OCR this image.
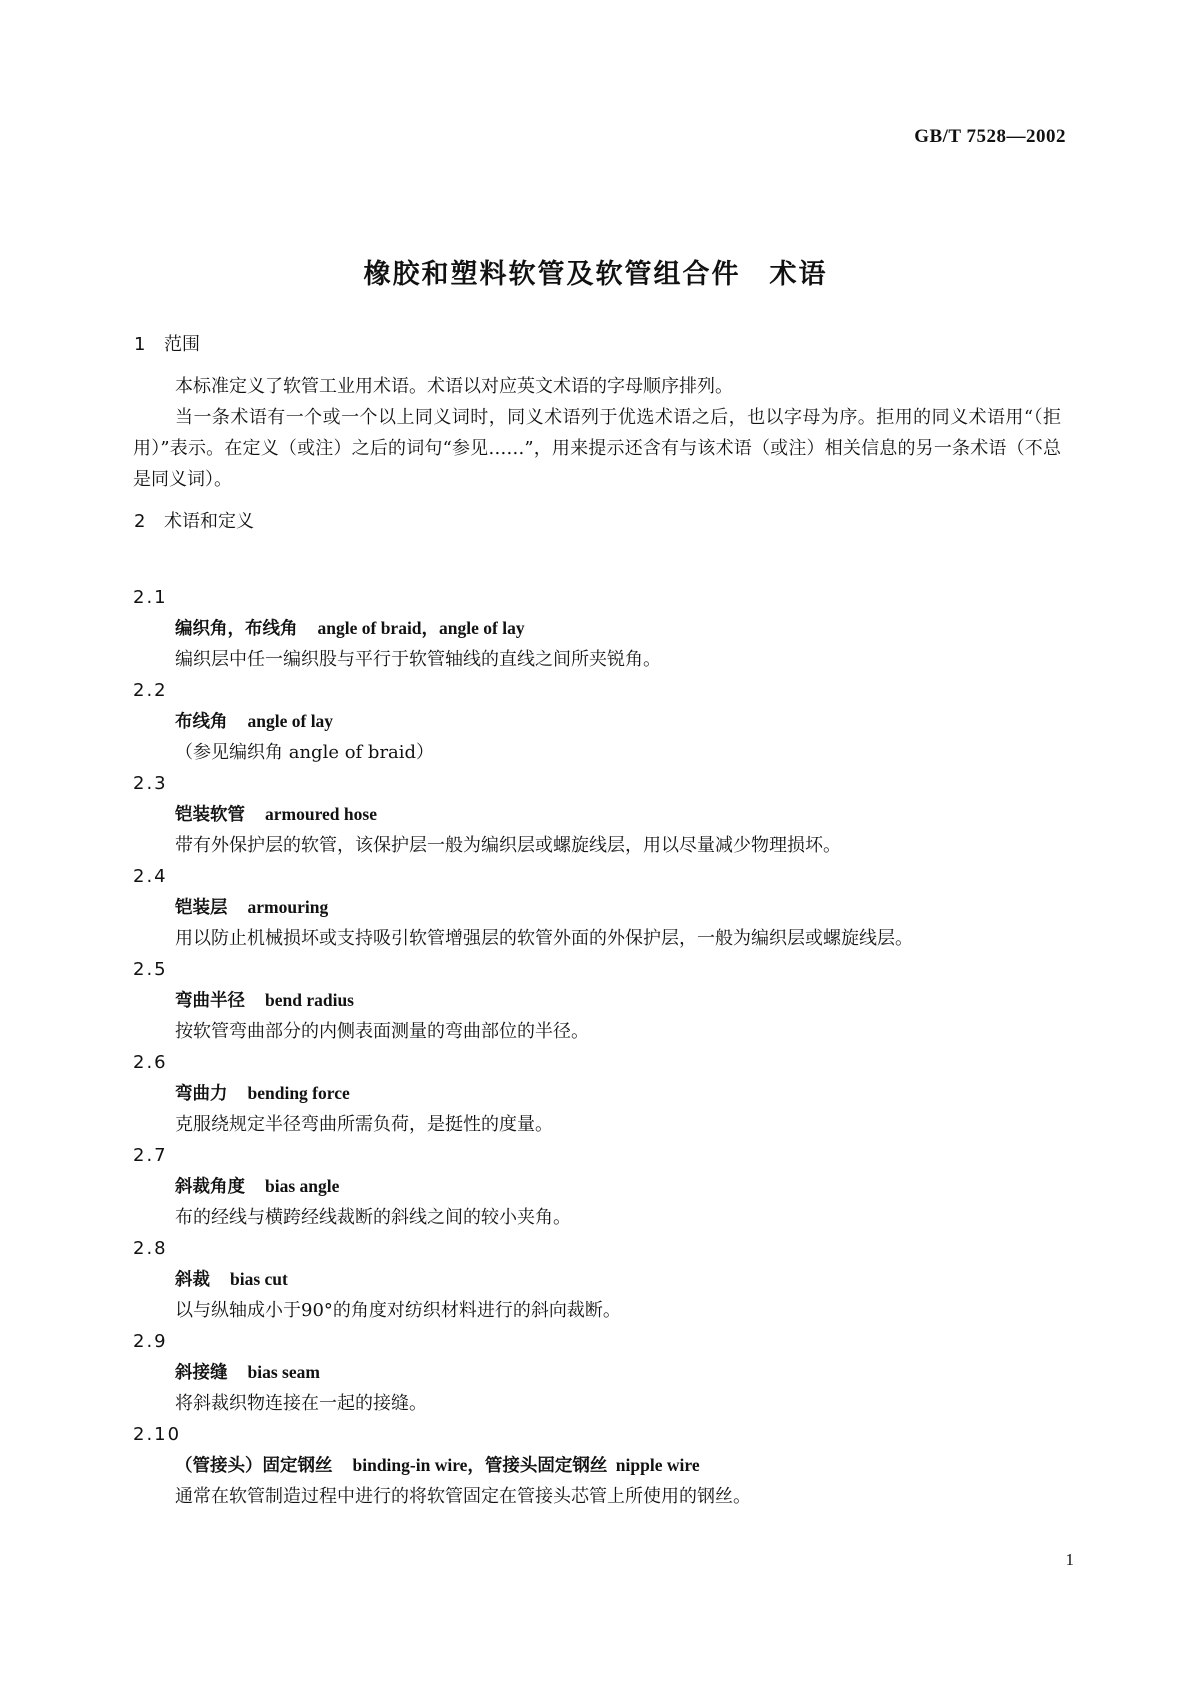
GB/T 7528—2002
橡胶和塑料软管及软管组合件　术语
1 范围

本标准定义了软管工业用术语。术语以对应英文术语的字母顺序排列。

当一条术语有一个或一个以上同义词时，同义术语列于优选术语之后，也以字母为序。拒用的同义术语用“（拒用）”表示。在定义（或注）之后的词句“参见……”，用来提示还含有与该术语（或注）相关信息的另一条术语（不总是同义词）。

2 术语和定义
2.1
编织角，布线角 angle of braid，angle of lay
编织层中任一编织股与平行于软管轴线的直线之间所夹锐角。
2.2
布线角 angle of lay
（参见编织角 angle of braid）
2.3
铠装软管 armoured hose
带有外保护层的软管，该保护层一般为编织层或螺旋线层，用以尽量减少物理损坏。
2.4
铠装层 armouring
用以防止机械损坏或支持吸引软管增强层的软管外面的外保护层，一般为编织层或螺旋线层。
2.5
弯曲半径 bend radius
按软管弯曲部分的内侧表面测量的弯曲部位的半径。
2.6
弯曲力 bending force
克服绕规定半径弯曲所需负荷，是挺性的度量。
2.7
斜裁角度 bias angle
布的经线与横跨经线裁断的斜线之间的较小夹角。
2.8
斜裁 bias cut
以与纵轴成小于90°的角度对纺织材料进行的斜向裁断。
2.9
斜接缝 bias seam
将斜裁织物连接在一起的接缝。
2.10
（管接头）固定钢丝 binding-in wire，管接头固定钢丝 nipple wire
通常在软管制造过程中进行的将软管固定在管接头芯管上所使用的钢丝。
1
